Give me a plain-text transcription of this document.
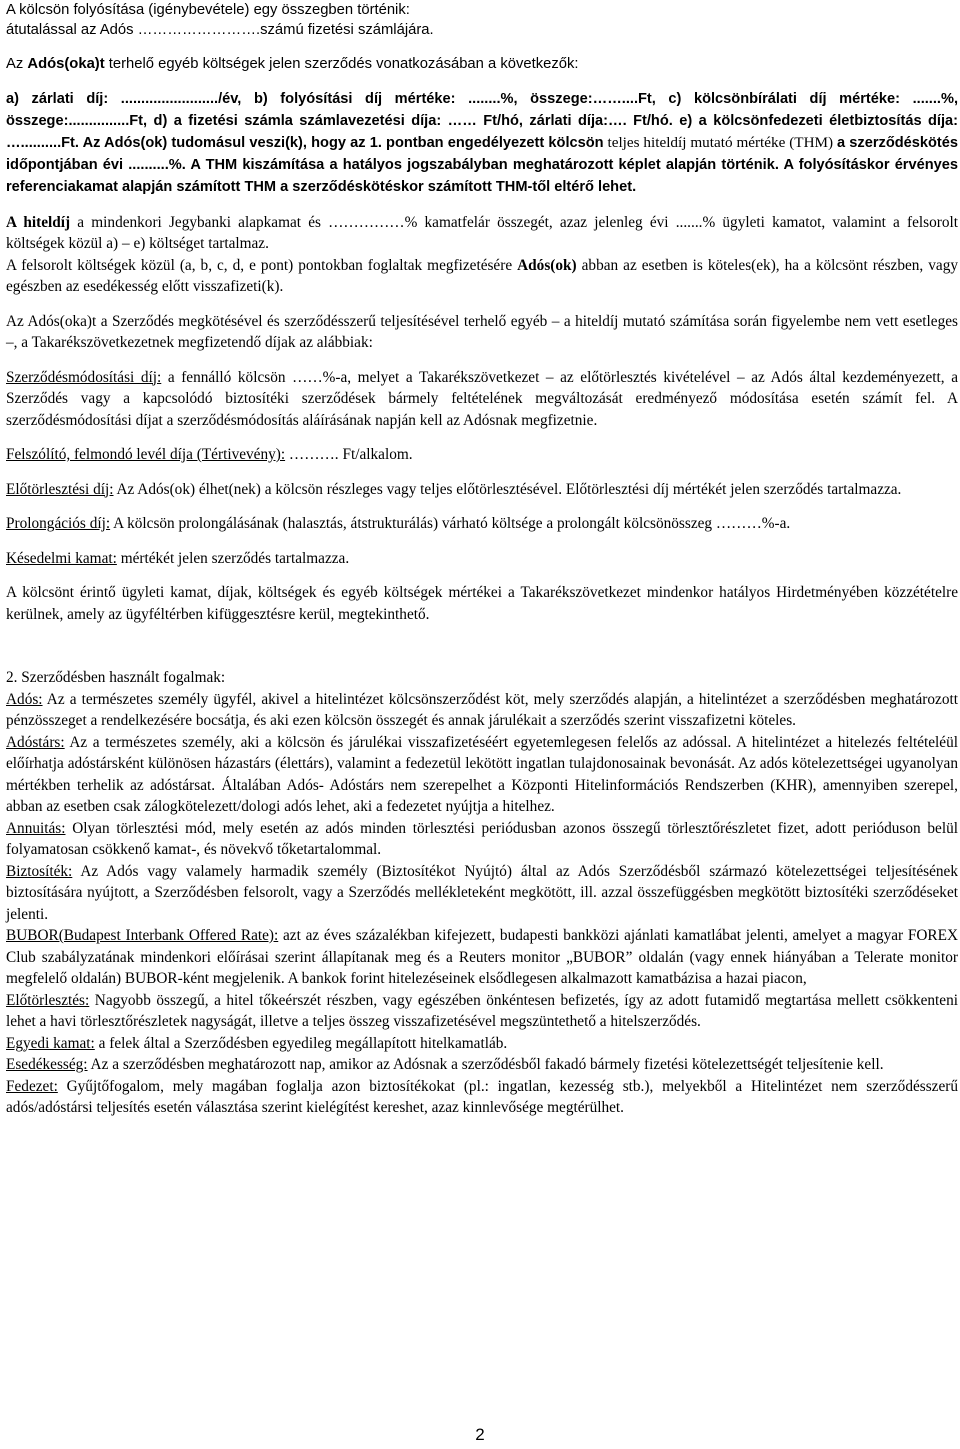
A kölcsön folyósítása (igénybevétele) egy összegben történik:
átutalással az Adós …………………….számú fizetési számlájára.

Az Adós(oka)t terhelő egyéb költségek jelen szerződés vonatkozásában a következők:

a) zárlati díj: ......................../év, b) folyósítási díj mértéke: ........%, összege:……....Ft, c) kölcsönbírálati díj mértéke: .......%, összege:...............Ft, d) a fizetési számla számlavezetési díja: …… Ft/hó, zárlati díja:…. Ft/hó. e) a kölcsönfedezeti életbiztosítás díja: …..........Ft. Az Adós(ok) tudomásul veszi(k), hogy az 1. pontban engedélyezett kölcsön teljes hiteldíj mutató mértéke (THM) a szerződéskötés időpontjában évi ..........%. A THM kiszámítása a hatályos jogszabályban meghatározott képlet alapján történik. A folyósításkor érvényes referenciakamat alapján számított THM a szerződéskötéskor számított THM-től eltérő lehet.

A hiteldíj a mindenkori Jegybanki alapkamat és ……………% kamatfelár összegét, azaz jelenleg évi .......% ügyleti kamatot, valamint a felsorolt költségek közül a) – e) költséget tartalmaz.

A felsorolt költségek közül (a, b, c, d, e pont) pontokban foglaltak megfizetésére Adós(ok) abban az esetben is köteles(ek), ha a kölcsönt részben, vagy egészben az esedékesség előtt visszafizeti(k).

Az Adós(oka)t a Szerződés megkötésével és szerződésszerű teljesítésével terhelő egyéb – a hiteldíj mutató számítása során figyelembe nem vett esetleges –, a Takarékszövetkezetnek megfizetendő díjak az alábbiak:

Szerződésmódosítási díj: a fennálló kölcsön ……%-a, melyet a Takarékszövetkezet – az előtörlesztés kivételével – az Adós által kezdeményezett, a Szerződés vagy a kapcsolódó biztosítéki szerződések bármely feltételének megváltozását eredményező módosítása esetén számít fel. A szerződésmódosítási díjat a szerződésmódosítás aláírásának napján kell az Adósnak megfizetnie.

Felszólító, felmondó levél díja (Tértivevény): ………. Ft/alkalom.

Előtörlesztési díj: Az Adós(ok) élhet(nek) a kölcsön részleges vagy teljes előtörlesztésével. Előtörlesztési díj mértékét jelen szerződés tartalmazza.

Prolongációs díj: A kölcsön prolongálásának (halasztás, átstrukturálás) várható költsége a prolongált kölcsönösszeg ………%-a.

Késedelmi kamat: mértékét jelen szerződés tartalmazza.

A kölcsönt érintő ügyleti kamat, díjak, költségek és egyéb költségek mértékei a Takarékszövetkezet mindenkor hatályos Hirdetményében közzétételre kerülnek, amely az ügyféltérben kifüggesztésre kerül, megtekinthető.

2. Szerződésben használt fogalmak:

Adós: Az a természetes személy ügyfél, akivel a hitelintézet kölcsönszerződést köt, mely szerződés alapján, a hitelintézet a szerződésben meghatározott pénzösszeget a rendelkezésére bocsátja, és aki ezen kölcsön összegét és annak járulékait a szerződés szerint visszafizetni köteles.

Adóstárs: Az a természetes személy, aki a kölcsön és járulékai visszafizetéséért egyetemlegesen felelős az adóssal. A hitelintézet a hitelezés feltételéül előírhatja adóstársként különösen házastárs (élettárs), valamint a fedezetül lekötött ingatlan tulajdonosainak bevonását. Az adós kötelezettségei ugyanolyan mértékben terhelik az adóstársat. Általában Adós- Adóstárs nem szerepelhet a Központi Hitelinformációs Rendszerben (KHR), amennyiben szerepel, abban az esetben csak zálogkötelezett/dologi adós lehet, aki a fedezetet nyújtja a hitelhez.

Annuitás: Olyan törlesztési mód, mely esetén az adós minden törlesztési periódusban azonos összegű törlesztőrészletet fizet, adott perióduson belül folyamatosan csökkenő kamat-, és növekvő tőketartalommal.

Biztosíték: Az Adós vagy valamely harmadik személy (Biztosítékot Nyújtó) által az Adós Szerződésből származó kötelezettségei teljesítésének biztosítására nyújtott, a Szerződésben felsorolt, vagy a Szerződés mellékleteként megkötött, ill. azzal összefüggésben megkötött biztosítéki szerződéseket jelenti.

BUBOR(Budapest Interbank Offered Rate): azt az éves százalékban kifejezett, budapesti bankközi ajánlati kamatlábat jelenti, amelyet a magyar FOREX Club szabályzatának mindenkori előírásai szerint állapítanak meg és a Reuters monitor „BUBOR” oldalán (vagy ennek hiányában a Telerate monitor megfelelő oldalán) BUBOR-ként megjelenik. A bankok forint hitelezéseinek elsődlegesen alkalmazott kamatbázisa a hazai piacon,

Előtörlesztés: Nagyobb összegű, a hitel tőkeérszét részben, vagy egészében önkéntesen befizetés, így az adott futamidő megtartása mellett csökkenteni lehet a havi törlesztőrészletek nagyságát, illetve a teljes összeg visszafizetésével megszüntethető a hitelszerződés.

Egyedi kamat: a felek által a Szerződésben egyedileg megállapított hitelkamatláb.

Esedékesség: Az a szerződésben meghatározott nap, amikor az Adósnak a szerződésből fakadó bármely fizetési kötelezettségét teljesítenie kell.

Fedezet: Gyűjtőfogalom, mely magában foglalja azon biztosítékokat (pl.: ingatlan, kezesség stb.), melyekből a Hitelintézet nem szerződésszerű adós/adóstársi teljesítés esetén választása szerint kielégítést kereshet, azaz kinnlevősége megtérülhet.

2
